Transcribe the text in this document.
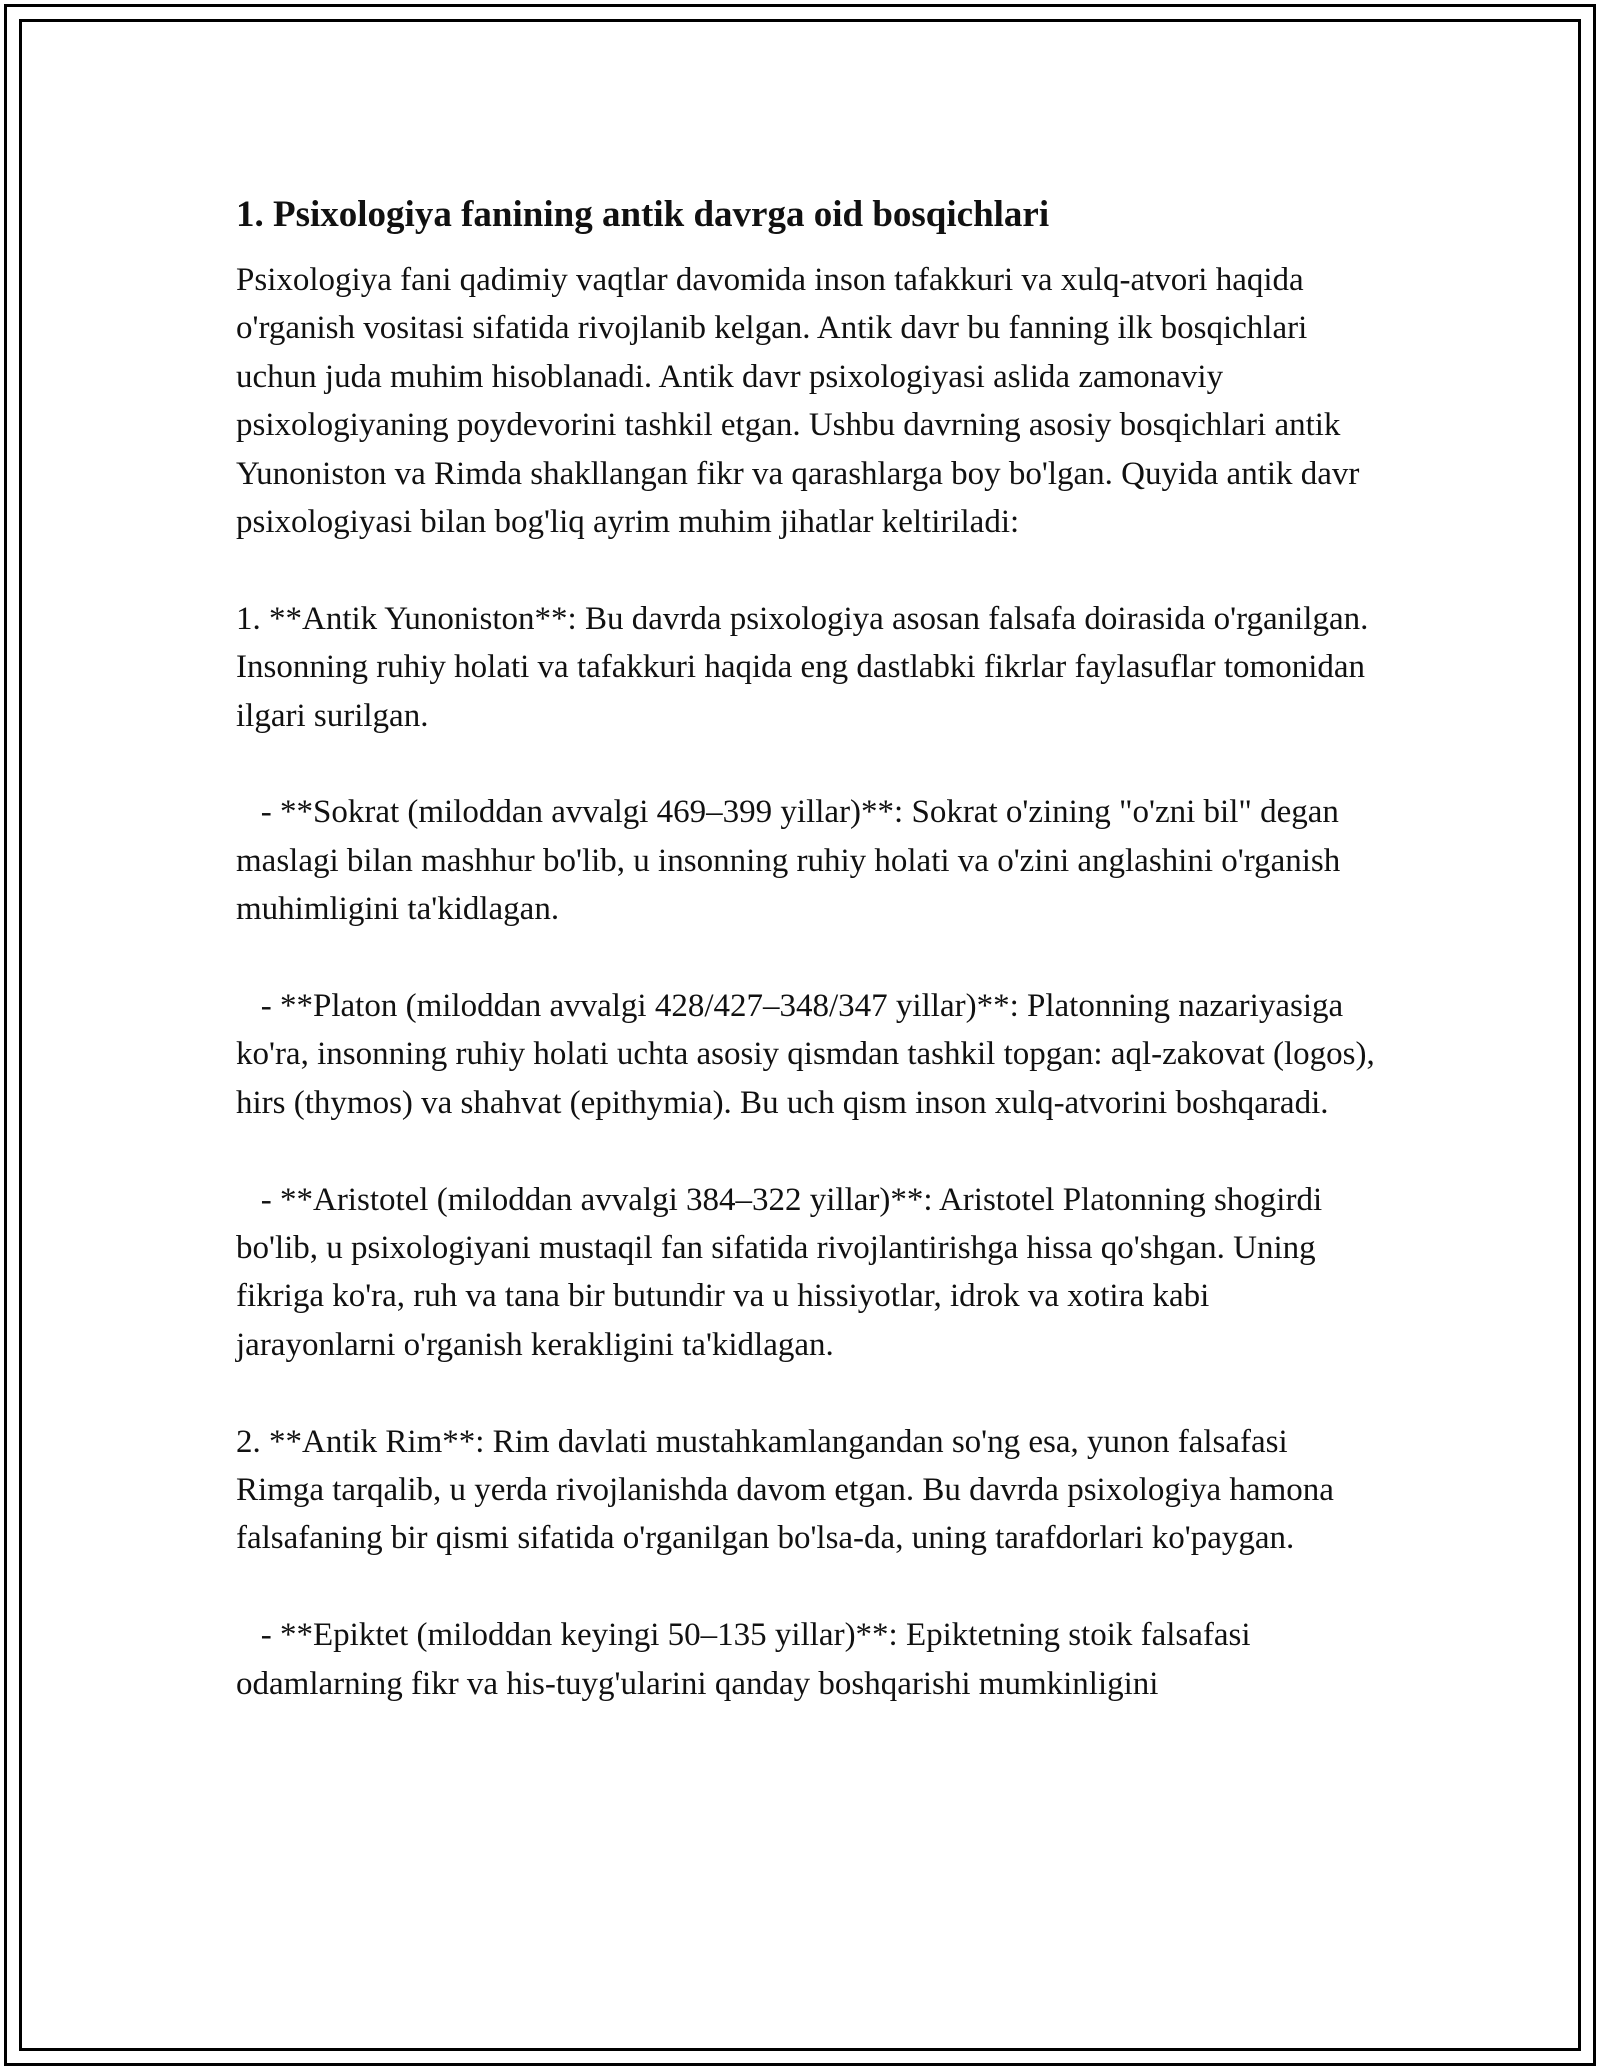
1. Psixologiya fanining antik davrga oid bosqichlari

Psixologiya fani qadimiy vaqtlar davomida inson tafakkuri va xulq-atvori haqida o'rganish vositasi sifatida rivojlanib kelgan. Antik davr bu fanning ilk bosqichlari uchun juda muhim hisoblanadi. Antik davr psixologiyasi aslida zamonaviy psixologiyaning poydevorini tashkil etgan. Ushbu davrning asosiy bosqichlari antik Yunoniston va Rimda shakllangan fikr va qarashlarga boy bo'lgan. Quyida antik davr psixologiyasi bilan bog'liq ayrim muhim jihatlar keltiriladi:

1. **Antik Yunoniston**: Bu davrda psixologiya asosan falsafa doirasida o'rganilgan. Insonning ruhiy holati va tafakkuri haqida eng dastlabki fikrlar faylasuflar tomonidan ilgari surilgan.

- **Sokrat (miloddan avvalgi 469–399 yillar)**: Sokrat o'zining "o'zni bil" degan maslagi bilan mashhur bo'lib, u insonning ruhiy holati va o'zini anglashini o'rganish muhimligini ta'kidlagan.

- **Platon (miloddan avvalgi 428/427–348/347 yillar)**: Platonning nazariyasiga ko'ra, insonning ruhiy holati uchta asosiy qismdan tashkil topgan: aql-zakovat (logos), hirs (thymos) va shahvat (epithymia). Bu uch qism inson xulq-atvorini boshqaradi.

- **Aristotel (miloddan avvalgi 384–322 yillar)**: Aristotel Platonning shogirdi bo'lib, u psixologiyani mustaqil fan sifatida rivojlantirishga hissa qo'shgan. Uning fikriga ko'ra, ruh va tana bir butundir va u hissiyotlar, idrok va xotira kabi jarayonlarni o'rganish kerakligini ta'kidlagan.

2. **Antik Rim**: Rim davlati mustahkamlangandan so'ng esa, yunon falsafasi Rimga tarqalib, u yerda rivojlanishda davom etgan. Bu davrda psixologiya hamona falsafaning bir qismi sifatida o'rganilgan bo'lsa-da, uning tarafdorlari ko'paygan.

- **Epiktet (miloddan keyingi 50–135 yillar)**: Epiktetning stoik falsafasi odamlarning fikr va his-tuyg'ularini qanday boshqarishi mumkinligini
